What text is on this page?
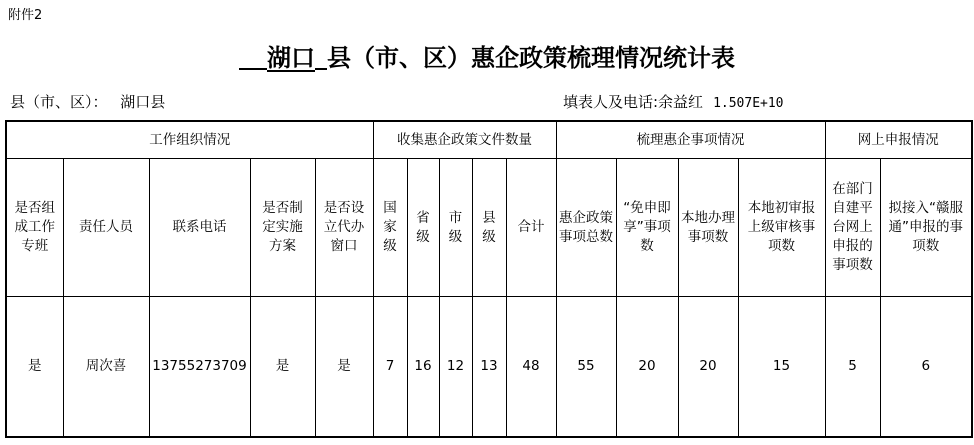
附件2
湖口 县（市、区）惠企政策梳理情况统计表
县（市、区）： 湖口县	填表人及电话:余益红 1.507E+10
工作组织情况					收集惠企政策文件数量					梳理惠企事项情况				网上申报情况	
是否组成工作专班	责任人员	联系电话	是否制定实施方案	是否设立代办窗口	国家级	省级	市级	县级	合计	惠企政策事项总数	“免申即享”事项数	本地办理事项数	本地初审报上级审核事项数	在部门自建平台网上申报的事项数	拟接入“赣服通”申报的事项数
是	周次喜	13755273709	是	是	7	16	12	13	48	55	20	20	15	5	6
